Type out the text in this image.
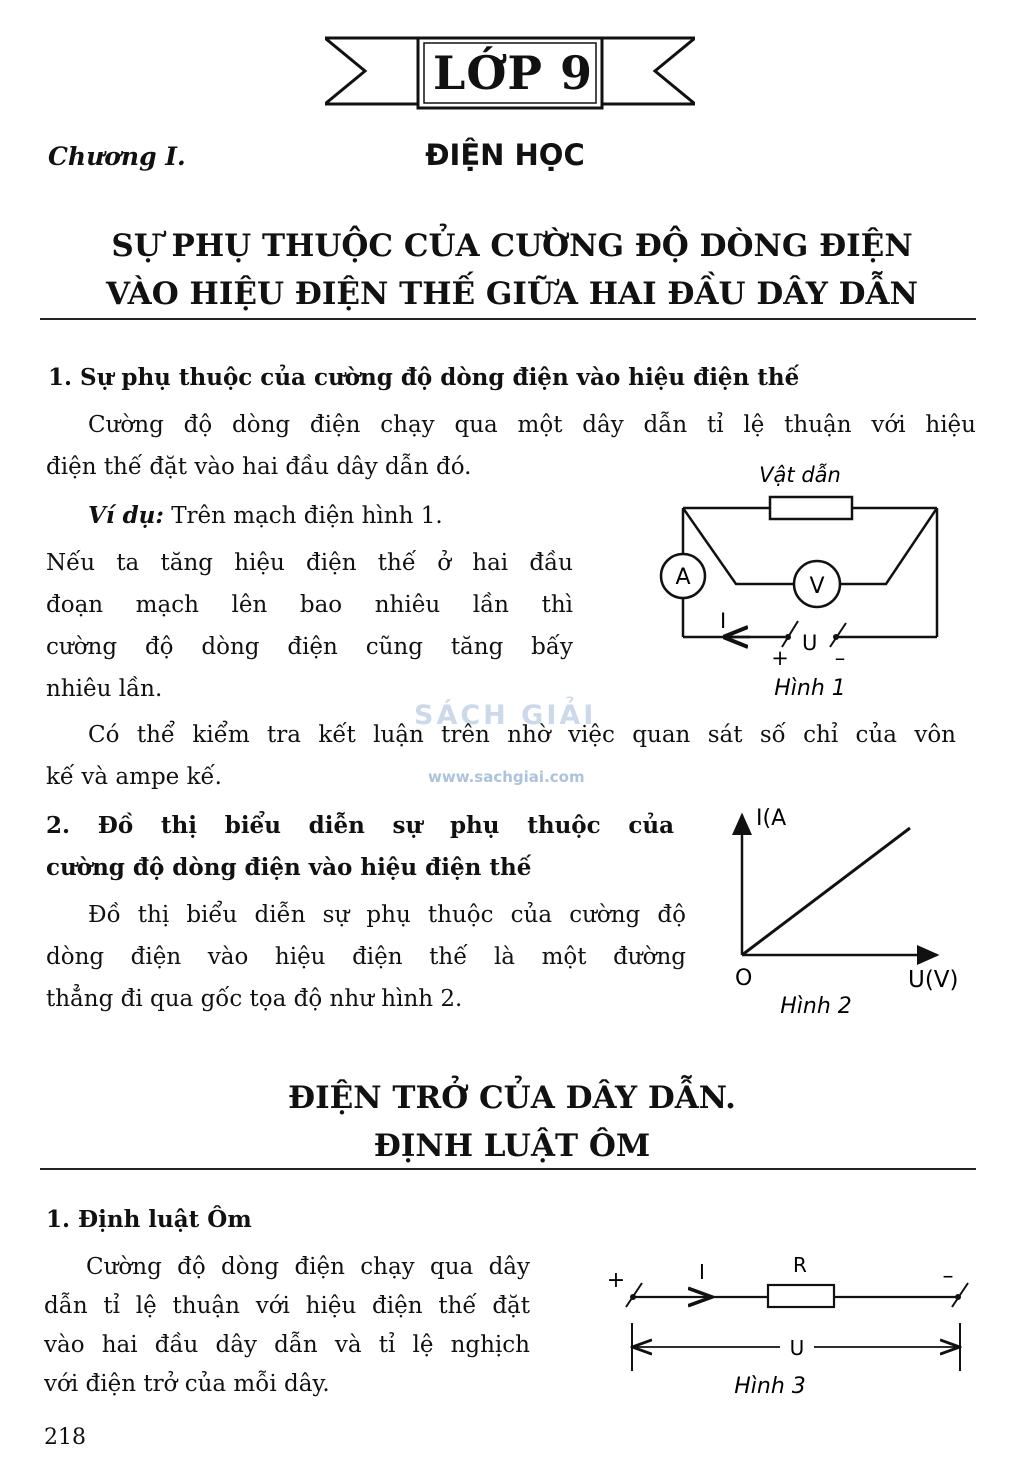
LỚP 9
Chương I.	ĐIỆN HỌC
SỰ PHỤ THUỘC CỦA CƯỜNG ĐỘ DÒNG ĐIỆN
VÀO HIỆU ĐIỆN THẾ GIỮA HAI ĐẦU DÂY DẪN
1. Sự phụ thuộc của cường độ dòng điện vào hiệu điện thế
Cường độ dòng điện chạy qua một dây dẫn tỉ lệ thuận với hiệu
điện thế đặt vào hai đầu dây dẫn đó.
Ví dụ: Trên mạch điện hình 1.
Nếu ta tăng hiệu điện thế ở hai đầu
đoạn mạch lên bao nhiêu lần thì
cường độ dòng điện cũng tăng bấy
nhiêu lần.
Có thể kiểm tra kết luận trên nhờ việc quan sát số chỉ của vôn
kế và ampe kế.
Vật dẫn
A	V
I
U
+ –
Hình 1
SÁCH GIẢI
www.sachgiai.com
2. Đồ thị biểu diễn sự phụ thuộc của
cường độ dòng điện vào hiệu điện thế
Đồ thị biểu diễn sự phụ thuộc của cường độ
dòng điện vào hiệu điện thế là một đường
thẳng đi qua gốc tọa độ như hình 2.
I(A
O	U(V)
Hình 2
ĐIỆN TRỞ CỦA DÂY DẪN.
ĐỊNH LUẬT ÔM
1. Định luật Ôm
Cường độ dòng điện chạy qua dây
dẫn tỉ lệ thuận với hiệu điện thế đặt
vào hai đầu dây dẫn và tỉ lệ nghịch
với điện trở của mỗi dây.
+	–
I	R
U
Hình 3
218
